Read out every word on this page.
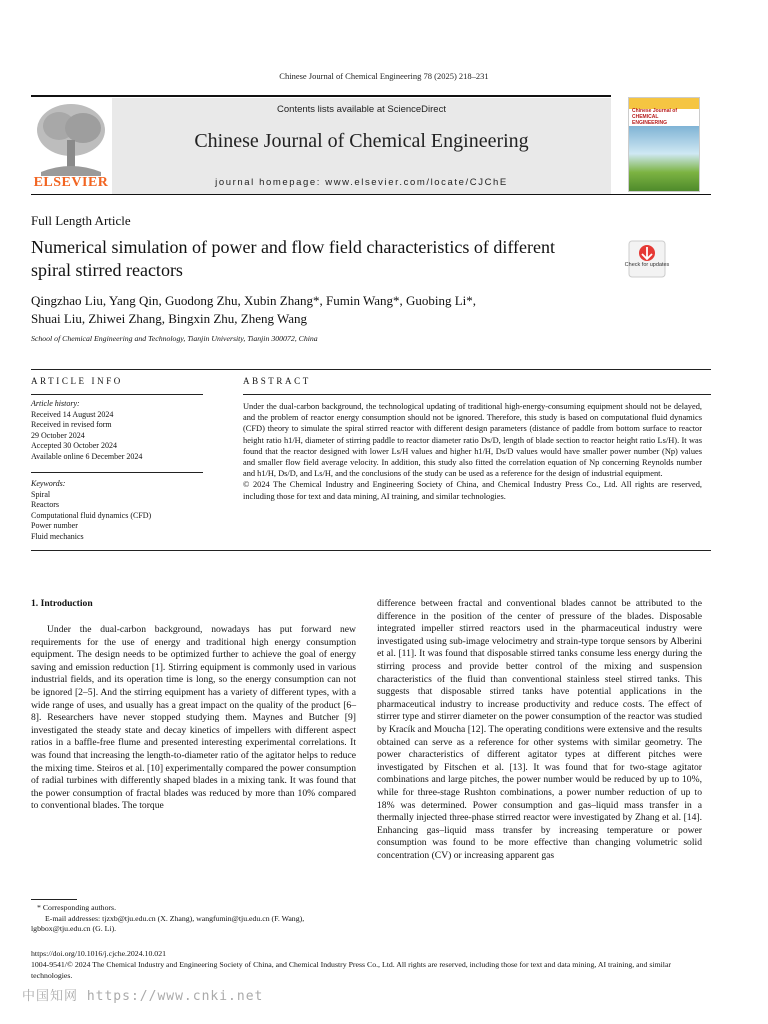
Chinese Journal of Chemical Engineering 78 (2025) 218–231
ELSEVIER
Contents lists available at ScienceDirect
Chinese Journal of Chemical Engineering
journal homepage: www.elsevier.com/locate/CJChE
Chinese Journal of CHEMICAL ENGINEERING
Full Length Article
Numerical simulation of power and flow field characteristics of different spiral stirred reactors	Check for updates
Qingzhao Liu, Yang Qin, Guodong Zhu, Xubin Zhang*, Fumin Wang*, Guobing Li*,
Shuai Liu, Zhiwei Zhang, Bingxin Zhu, Zheng Wang
School of Chemical Engineering and Technology, Tianjin University, Tianjin 300072, China
ARTICLE INFO	ABSTRACT
Article history:
Received 14 August 2024
Received in revised form
29 October 2024
Accepted 30 October 2024
Available online 6 December 2024
Keywords:
Spiral
Reactors
Computational fluid dynamics (CFD)
Power number
Fluid mechanics
Under the dual-carbon background, the technological updating of traditional high-energy-consuming equipment should not be delayed, and the problem of reactor energy consumption should not be ignored. Therefore, this study is based on computational fluid dynamics (CFD) theory to simulate the spiral stirred reactor with different design parameters (distance of paddle from bottom surface to reactor height ratio h1/H, diameter of stirring paddle to reactor diameter ratio Ds/D, length of blade section to reactor height ratio Ls/H). It was found that the reactor designed with lower Ls/H values and higher h1/H, Ds/D values would have smaller power number (Np) values and smaller flow field average velocity. In addition, this study also fitted the correlation equation of Np concerning Reynolds number and h1/H, Ds/D, and Ls/H, and the conclusions of the study can be used as a reference for the design of industrial equipment.
© 2024 The Chemical Industry and Engineering Society of China, and Chemical Industry Press Co., Ltd. All rights are reserved, including those for text and data mining, AI training, and similar technologies.
1. Introduction

Under the dual-carbon background, nowadays has put forward new requirements for the use of energy and traditional high energy consumption equipment. The design needs to be optimized further to achieve the goal of energy saving and emission reduction [1]. Stirring equipment is commonly used in various industrial fields, and its operation time is long, so the energy consumption can not be ignored [2–5]. And the stirring equipment has a variety of different types, with a wide range of uses, and usually has a great impact on the quality of the product [6–8]. Researchers have never stopped studying them. Maynes and Butcher [9] investigated the steady state and decay kinetics of impellers with different aspect ratios in a baffle-free flume and presented interesting experimental correlations. It was found that increasing the length-to-diameter ratio of the agitator helps to reduce the mixing time. Steiros et al. [10] experimentally compared the power consumption of radial turbines with differently shaped blades in a mixing tank. It was found that the power consumption of fractal blades was reduced by more than 10% compared to conventional blades. The torque

difference between fractal and conventional blades cannot be attributed to the difference in the position of the center of pressure of the blades. Disposable integrated impeller stirred reactors used in the pharmaceutical industry were investigated using sub-image velocimetry and strain-type torque sensors by Alberini et al. [11]. It was found that disposable stirred tanks consume less energy during the stirring process and provide better control of the mixing and suspension characteristics of the fluid than conventional stainless steel stirred tanks. This suggests that disposable stirred tanks have potential applications in the pharmaceutical industry to increase productivity and reduce costs. The effect of stirrer type and stirrer diameter on the power consumption of the reactor was studied by Kracík and Moucha [12]. The operating conditions were extensive and the results obtained can serve as a reference for other systems with similar geometry. The power characteristics of different agitator types at different pitches were investigated by Fitschen et al. [13]. It was found that for two-stage agitator combinations and large pitches, the power number would be reduced by up to 10%, while for three-stage Rushton combinations, a power number reduction of up to 18% was determined. Power consumption and gas–liquid mass transfer in a thermally injected three-phase stirred reactor were investigated by Zhang et al. [14]. Enhancing gas–liquid mass transfer by increasing temperature or power consumption was found to be more effective than changing volumetric solid concentration (CV) or increasing apparent gas

* Corresponding authors.
E-mail addresses: tjzxb@tju.edu.cn (X. Zhang), wangfumin@tju.edu.cn (F. Wang), lgbbox@tju.edu.cn (G. Li).
https://doi.org/10.1016/j.cjche.2024.10.021
1004-9541/© 2024 The Chemical Industry and Engineering Society of China, and Chemical Industry Press Co., Ltd. All rights are reserved, including those for text and data mining, AI training, and similar technologies.
中国知网 https://www.cnki.net
